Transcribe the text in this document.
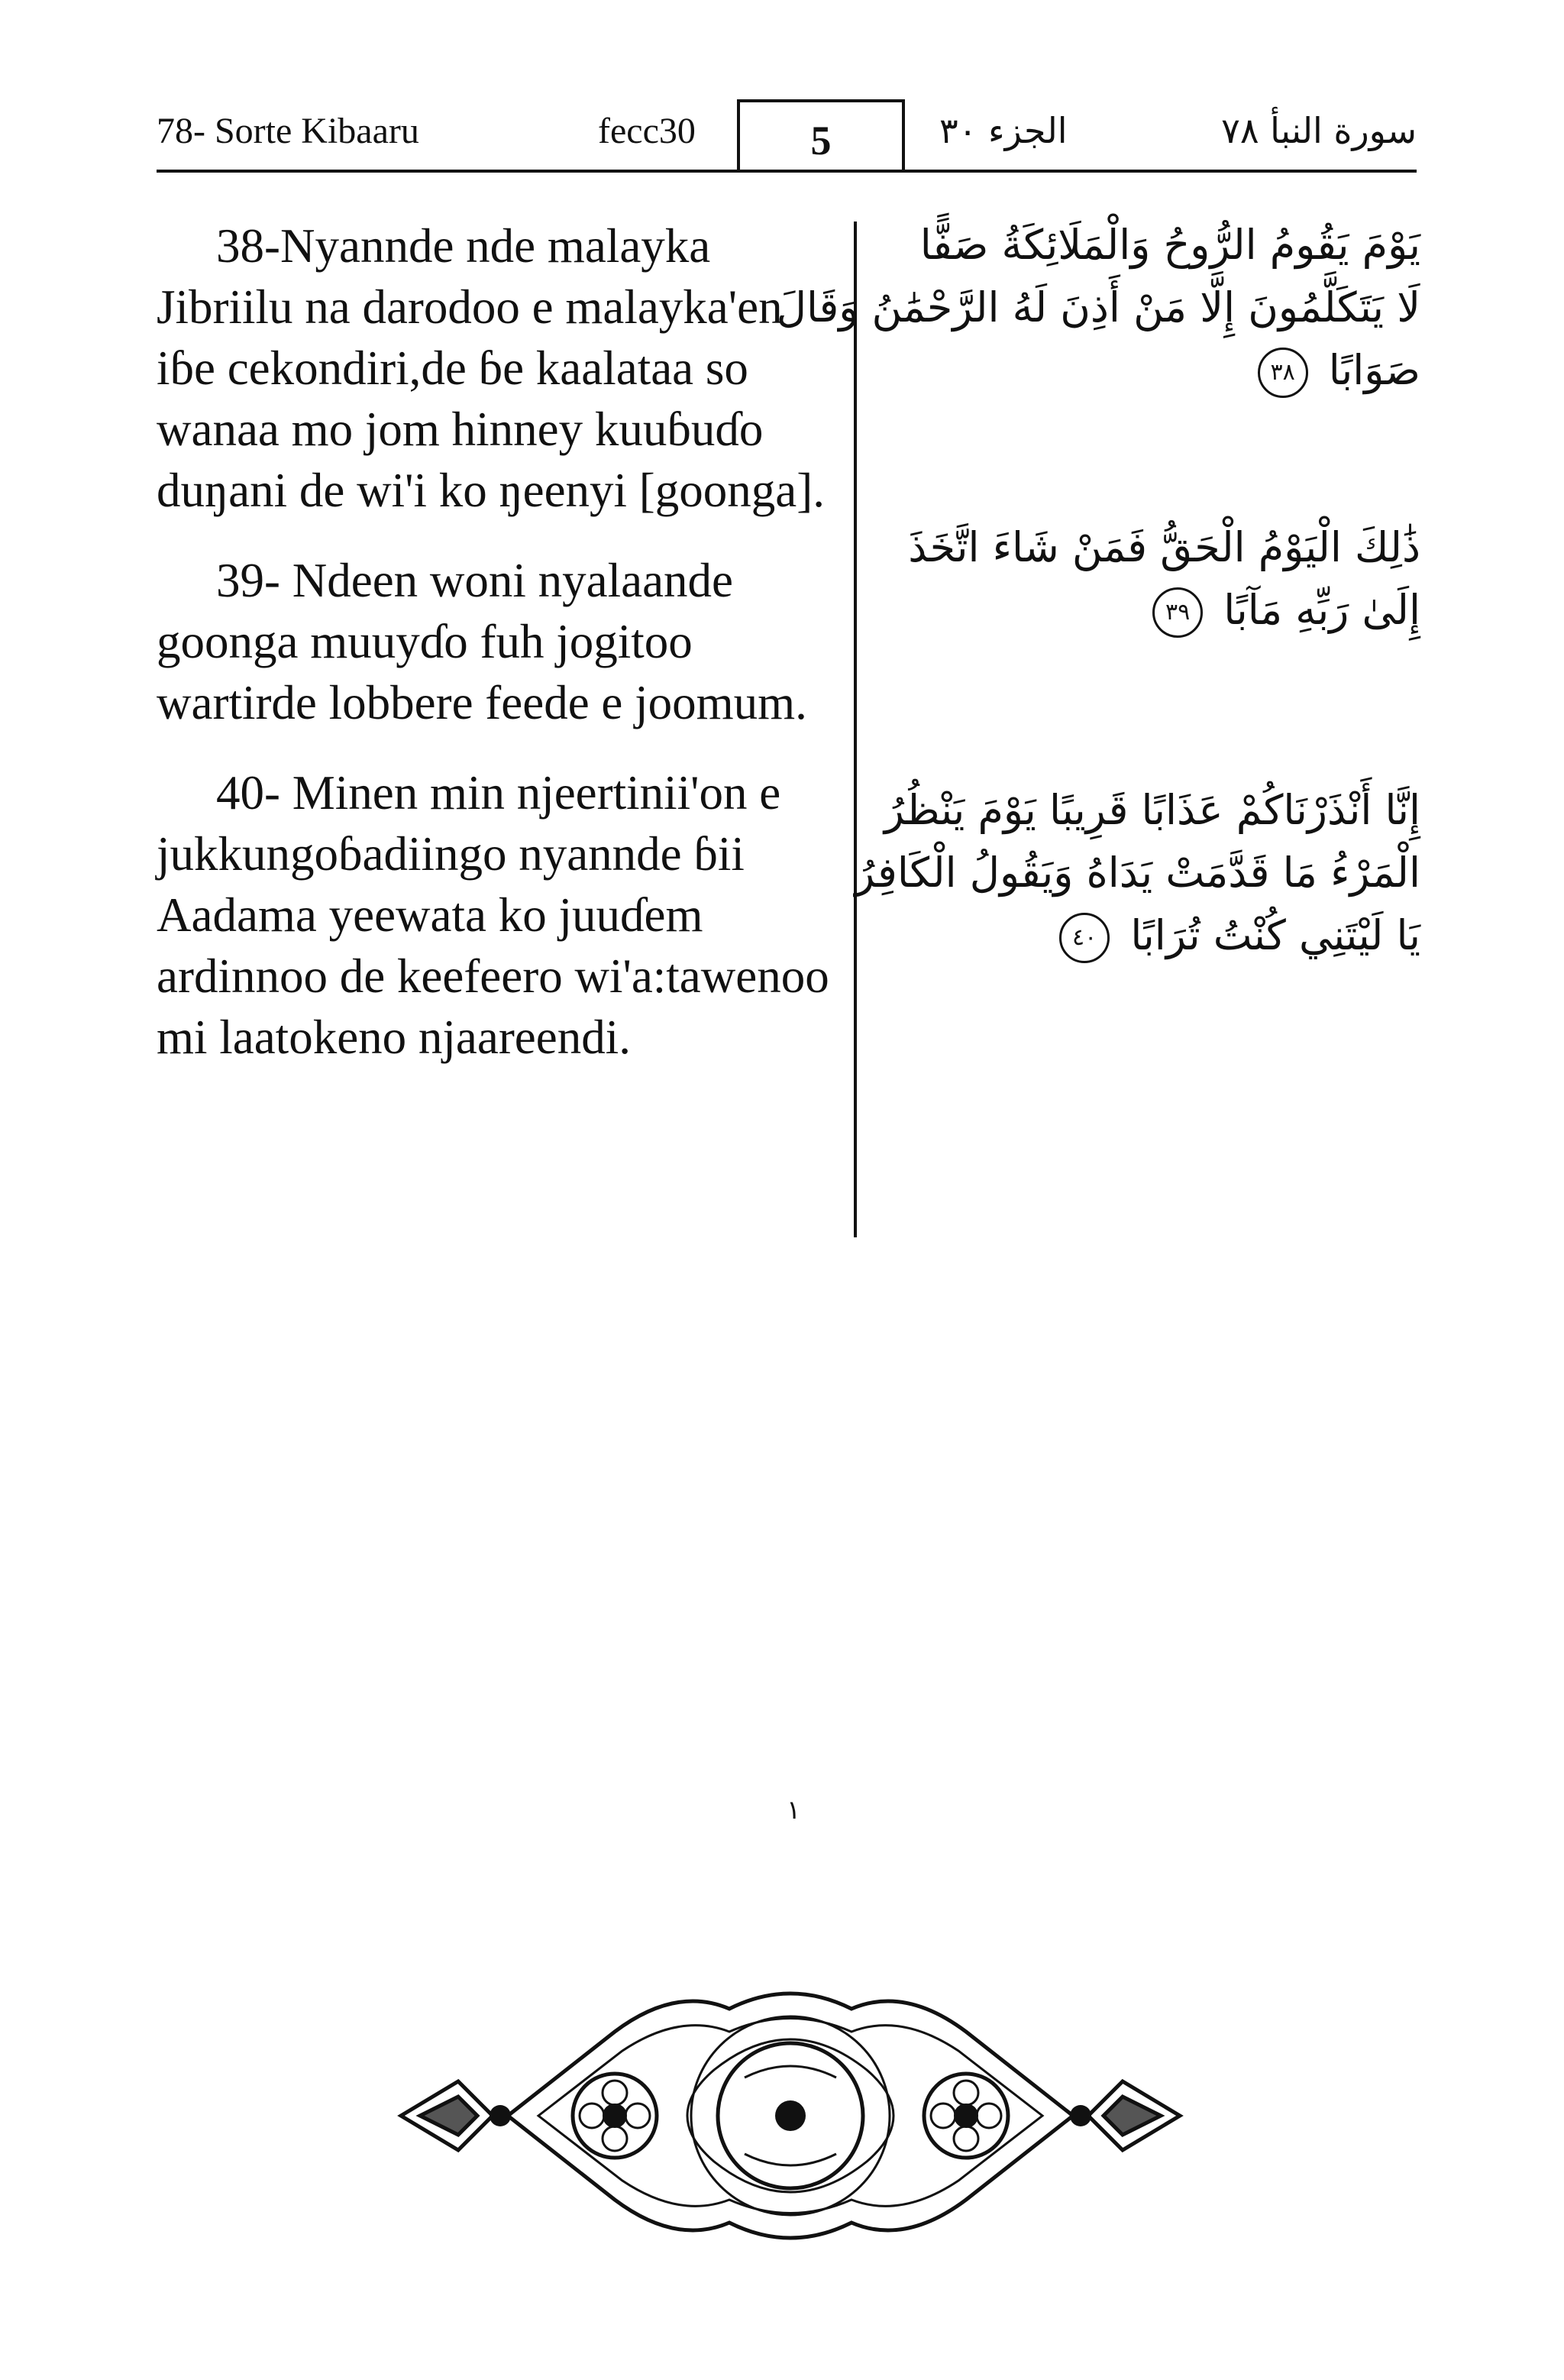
78- Sorte Kibaaru	fecc30	5	الجزء ٣٠	سورة النبأ ٧٨

38-Nyannde nde malayka Jibriilu na darodoo e malayka'en iɓe cekondiri,de ɓe kaalataa so wanaa mo jom hinney kuuɓuɗo duŋani de wi'i ko ŋeenyi [goonga].

39- Ndeen woni nyalaande goonga muuyɗo fuh jogitoo wartirde lobbere feede e joomum.

40- Minen min njeertinii'on e jukkungoɓadiingo nyannde ɓii Aadama yeewata ko juuɗem ardinnoo de keefeero wi'a:tawenoo mi laatokeno njaareendi.

يَوْمَ يَقُومُ الرُّوحُ وَالْمَلَائِكَةُ صَفًّا
لَا يَتَكَلَّمُونَ إِلَّا مَنْ أَذِنَ لَهُ الرَّحْمَٰنُ وَقَالَ
صَوَابًا ٣٨
ذَٰلِكَ الْيَوْمُ الْحَقُّ فَمَنْ شَاءَ اتَّخَذَ
إِلَىٰ رَبِّهِ مَآبًا ٣٩
إِنَّا أَنْذَرْنَاكُمْ عَذَابًا قَرِيبًا يَوْمَ يَنْظُرُ
الْمَرْءُ مَا قَدَّمَتْ يَدَاهُ وَيَقُولُ الْكَافِرُ
يَا لَيْتَنِي كُنْتُ تُرَابًا ٤٠
١
